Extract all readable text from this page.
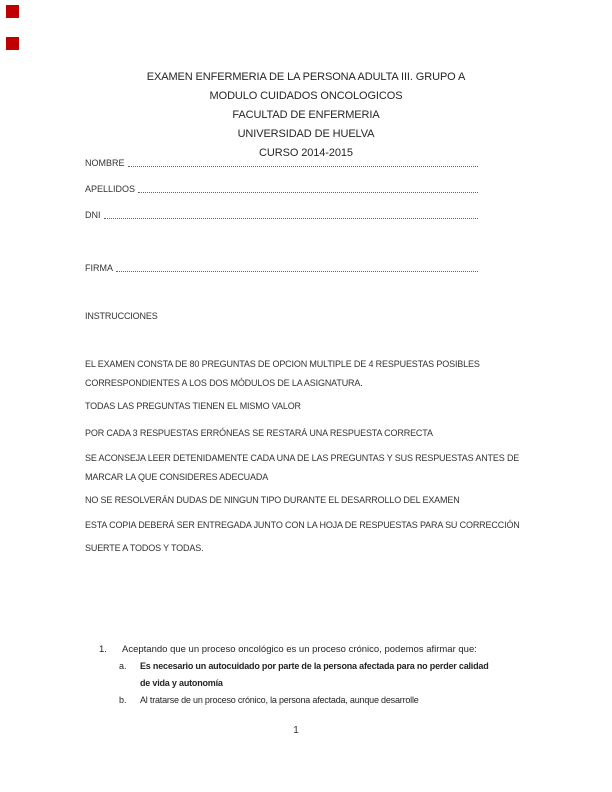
EXAMEN ENFERMERIA DE LA PERSONA ADULTA III. GRUPO A
MODULO CUIDADOS ONCOLOGICOS
FACULTAD DE ENFERMERIA
UNIVERSIDAD DE HUELVA
CURSO 2014-2015
NOMBRE
APELLIDOS
DNI
FIRMA
INSTRUCCIONES
EL EXAMEN CONSTA DE 80 PREGUNTAS DE OPCION MULTIPLE DE 4 RESPUESTAS POSIBLES
CORRESPONDIENTES A LOS DOS MÓDULOS DE LA ASIGNATURA.
TODAS LAS PREGUNTAS TIENEN EL MISMO VALOR
POR CADA 3 RESPUESTAS ERRÓNEAS SE RESTARÁ UNA RESPUESTA CORRECTA
SE ACONSEJA LEER DETENIDAMENTE CADA UNA DE LAS PREGUNTAS Y SUS RESPUESTAS ANTES DE
MARCAR LA QUE CONSIDERES ADECUADA
NO SE RESOLVERÁN DUDAS DE NINGUN TIPO DURANTE EL DESARROLLO DEL EXAMEN
ESTA COPIA DEBERÁ SER ENTREGADA JUNTO CON LA HOJA DE RESPUESTAS PARA SU CORRECCIÓN
SUERTE A TODOS Y TODAS.
1.	Aceptando que un proceso oncológico es un proceso crónico, podemos afirmar que:
a.	Es necesario un autocuidado por parte de la persona afectada para no perder calidad
de vida y autonomía
b.	Al tratarse de un proceso crónico, la persona afectada, aunque desarrolle
1
